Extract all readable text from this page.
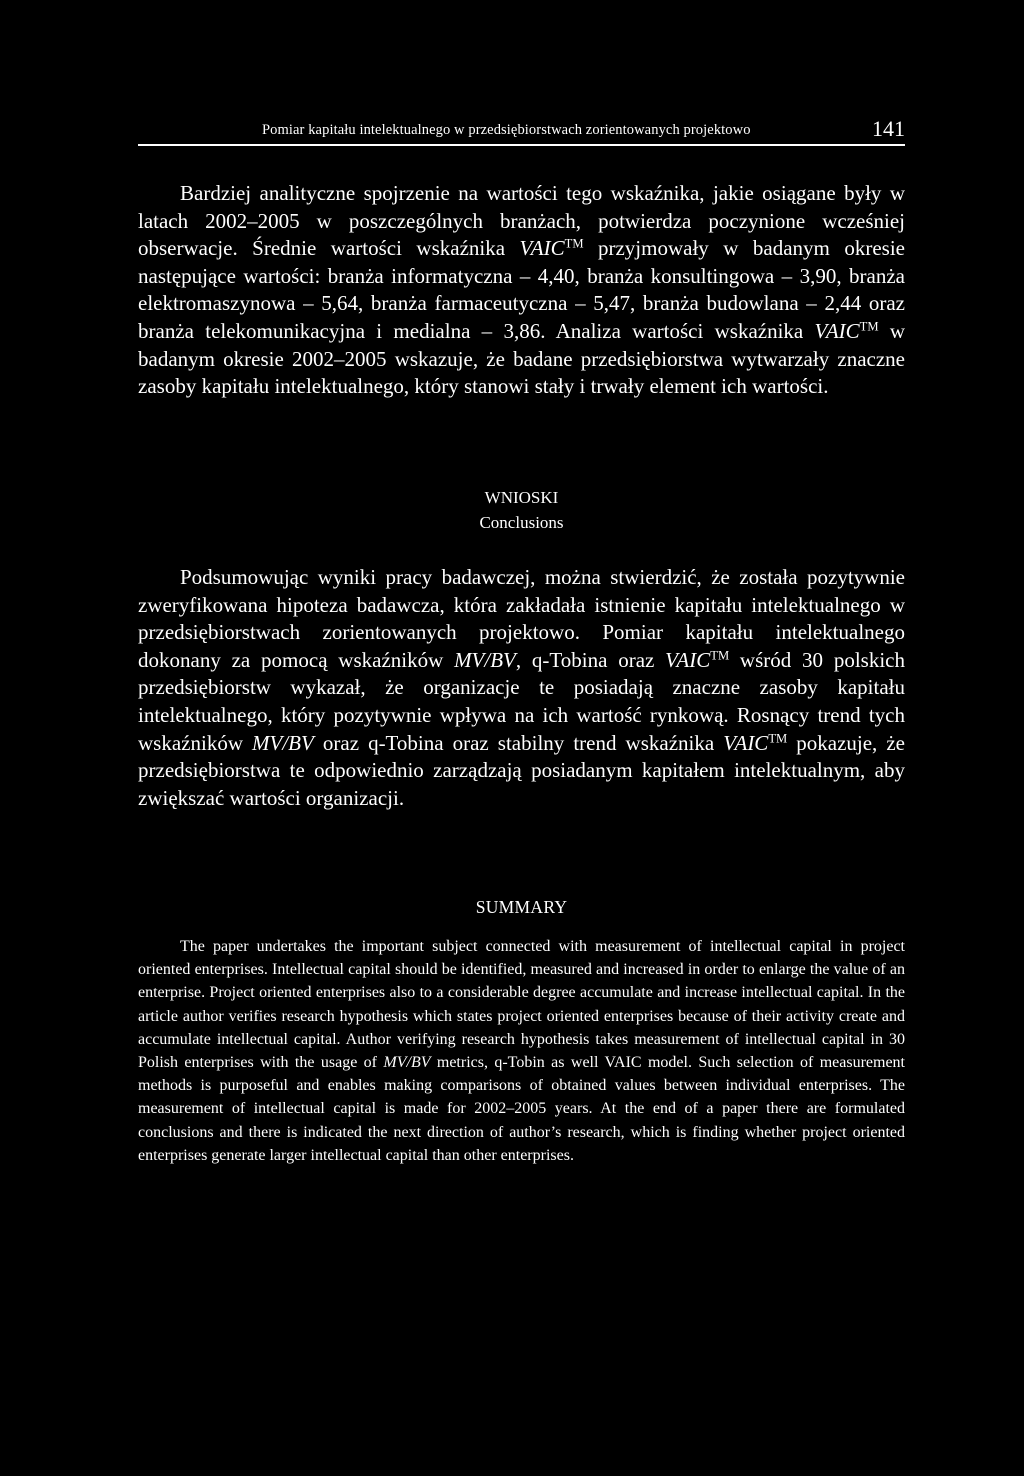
Pomiar kapitału intelektualnego w przedsiębiorstwach zorientowanych projektowo	141

Bardziej analityczne spojrzenie na wartości tego wskaźnika, jakie osiągane były w latach 2002–2005 w poszczególnych branżach, potwierdza poczynione wcześniej obserwacje. Średnie wartości wskaźnika VAIC™ przyjmowały w badanym okresie następujące wartości: branża informatyczna – 4,40, branża konsultingowa – 3,90, branża elektromaszynowa – 5,64, branża farmaceutyczna – 5,47, branża budowlana – 2,44 oraz branża telekomunikacyjna i medialna – 3,86. Analiza wartości wskaźnika VAIC™ w badanym okresie 2002–2005 wskazuje, że badane przedsiębiorstwa wytwarzały znaczne zasoby kapitału intelektualnego, który stanowi stały i trwały element ich wartości.

WNIOSKI
Conclusions

Podsumowując wyniki pracy badawczej, można stwierdzić, że została pozytywnie zweryfikowana hipoteza badawcza, która zakładała istnienie kapitału intelektualnego w przedsiębiorstwach zorientowanych projektowo. Pomiar kapitału intelektualnego dokonany za pomocą wskaźników MV/BV, q-Tobina oraz VAIC™ wśród 30 polskich przedsiębiorstw wykazał, że organizacje te posiadają znaczne zasoby kapitału intelektualnego, który pozytywnie wpływa na ich wartość rynkową. Rosnący trend tych wskaźników MV/BV oraz q-Tobina oraz stabilny trend wskaźnika VAIC™ pokazuje, że przedsiębiorstwa te odpowiednio zarządzają posiadanym kapitałem intelektualnym, aby zwiększać wartości organizacji.

SUMMARY

The paper undertakes the important subject connected with measurement of intellectual capital in project oriented enterprises. Intellectual capital should be identified, measured and increased in order to enlarge the value of an enterprise. Project oriented enterprises also to a considerable degree accumulate and increase intellectual capital. In the article author verifies research hypothesis which states project oriented enterprises because of their activity create and accumulate intellectual capital. Author verifying research hypothesis takes measurement of intellectual capital in 30 Polish enterprises with the usage of MV/BV metrics, q-Tobin as well VAIC model. Such selection of measurement methods is purposeful and enables making comparisons of obtained values between individual enterprises. The measurement of intellectual capital is made for 2002–2005 years. At the end of a paper there are formulated conclusions and there is indicated the next direction of author’s research, which is finding whether project oriented enterprises generate larger intellectual capital than other enterprises.
